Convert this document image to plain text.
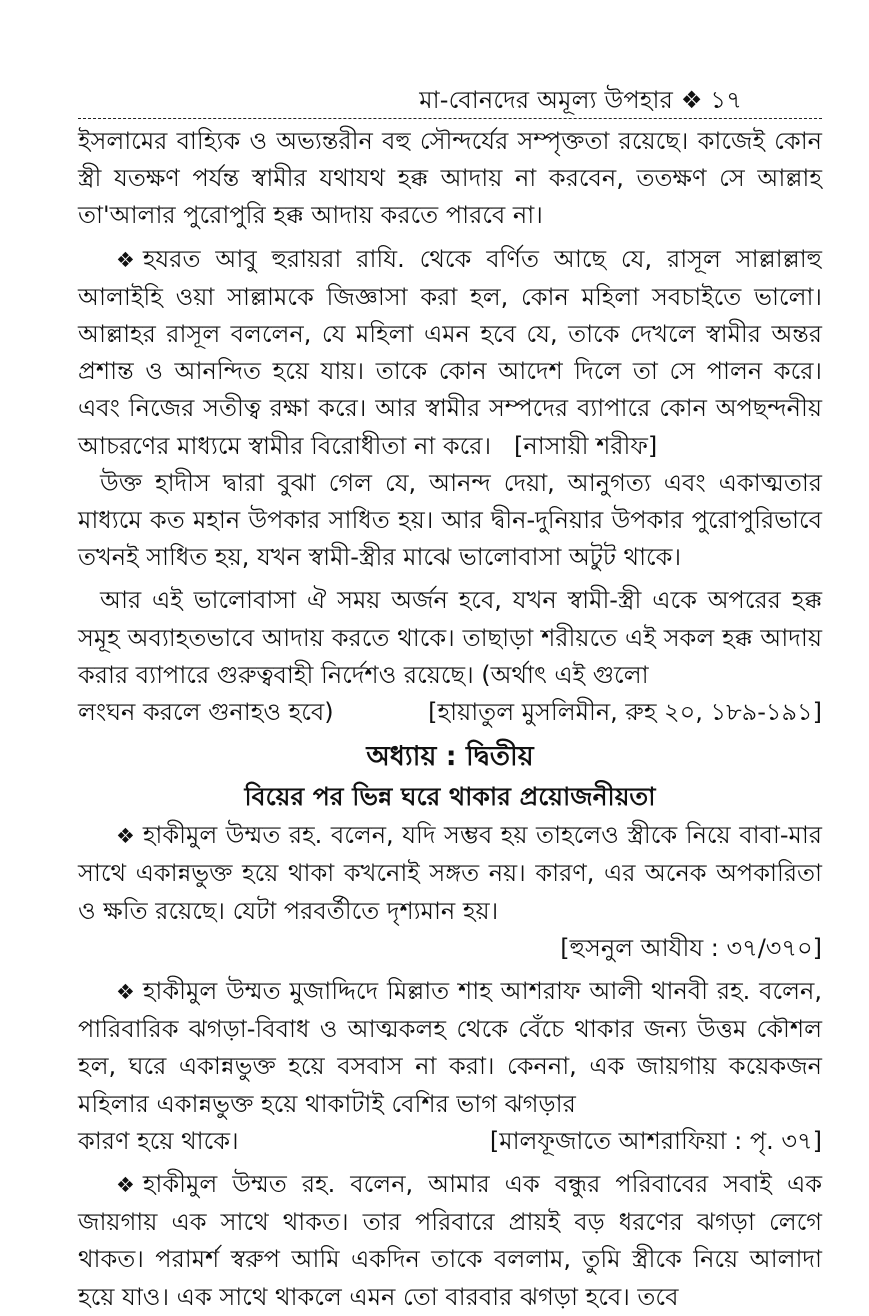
মা-বোনদের অমূল্য উপহার ❖ ১৭

ইসলামের বাহ্যিক ও অভ্যন্তরীন বহু সৌন্দর্যের সম্পৃক্ততা রয়েছে। কাজেই কোন স্ত্রী যতক্ষণ পর্যন্ত স্বামীর যথাযথ হক্ক আদায় না করবেন, ততক্ষণ সে আল্লাহ তা'আলার পুরোপুরি হক্ক আদায় করতে পারবে না।

❖ হযরত আবু হুরায়রা রাযি. থেকে বর্ণিত আছে যে, রাসূল সাল্লাল্লাহু আলাইহি ওয়া সাল্লামকে জিজ্ঞাসা করা হল, কোন মহিলা সবচাইতে ভালো। আল্লাহর রাসূল বললেন, যে মহিলা এমন হবে যে, তাকে দেখলে স্বামীর অন্তর প্রশান্ত ও আনন্দিত হয়ে যায়। তাকে কোন আদেশ দিলে তা সে পালন করে। এবং নিজের সতীত্ব রক্ষা করে। আর স্বামীর সম্পদের ব্যাপারে কোন অপছন্দনীয় আচরণের মাধ্যমে স্বামীর বিরোধীতা না করে। [নাসায়ী শরীফ]

উক্ত হাদীস দ্বারা বুঝা গেল যে, আনন্দ দেয়া, আনুগত্য এবং একাত্মতার মাধ্যমে কত মহান উপকার সাধিত হয়। আর দ্বীন-দুনিয়ার উপকার পুরোপুরিভাবে তখনই সাধিত হয়, যখন স্বামী-স্ত্রীর মাঝে ভালোবাসা অটুট থাকে।

আর এই ভালোবাসা ঐ সময় অর্জন হবে, যখন স্বামী-স্ত্রী একে অপরের হক্ক সমূহ অব্যাহতভাবে আদায় করতে থাকে। তাছাড়া শরীয়তে এই সকল হক্ক আদায় করার ব্যাপারে গুরুত্ববাহী নির্দেশও রয়েছে। (অর্থাৎ এই গুলো

লংঘন করলে গুনাহও হবে)	[হায়াতুল মুসলিমীন, রুহ ২০, ১৮৯-১৯১]
অধ্যায় : দ্বিতীয়
বিয়ের পর ভিন্ন ঘরে থাকার প্রয়োজনীয়তা

❖ হাকীমুল উম্মত রহ. বলেন, যদি সম্ভব হয় তাহলেও স্ত্রীকে নিয়ে বাবা-মার সাথে একান্নভুক্ত হয়ে থাকা কখনোই সঙ্গত নয়। কারণ, এর অনেক অপকারিতা ও ক্ষতি রয়েছে। যেটা পরবর্তীতে দৃশ্যমান হয়।

[হুসনুল আযীয : ৩৭/৩৭০]

❖ হাকীমুল উম্মত মুজাদ্দিদে মিল্লাত শাহ আশরাফ আলী থানবী রহ. বলেন, পারিবারিক ঝগড়া-বিবাধ ও আত্মকলহ থেকে বেঁচে থাকার জন্য উত্তম কৌশল হল, ঘরে একান্নভুক্ত হয়ে বসবাস না করা। কেননা, এক জায়গায় কয়েকজন মহিলার একান্নভুক্ত হয়ে থাকাটাই বেশির ভাগ ঝগড়ার

কারণ হয়ে থাকে।	[মালফূজাতে আশরাফিয়া : পৃ. ৩৭]

❖ হাকীমুল উম্মত রহ. বলেন, আমার এক বন্ধুর পরিবাবের সবাই এক জায়গায় এক সাথে থাকত। তার পরিবারে প্রায়ই বড় ধরণের ঝগড়া লেগে থাকত। পরামর্শ স্বরুপ আমি একদিন তাকে বললাম, তুমি স্ত্রীকে নিয়ে আলাদা হয়ে যাও। এক সাথে থাকলে এমন তো বারবার ঝগড়া হবে। তবে
